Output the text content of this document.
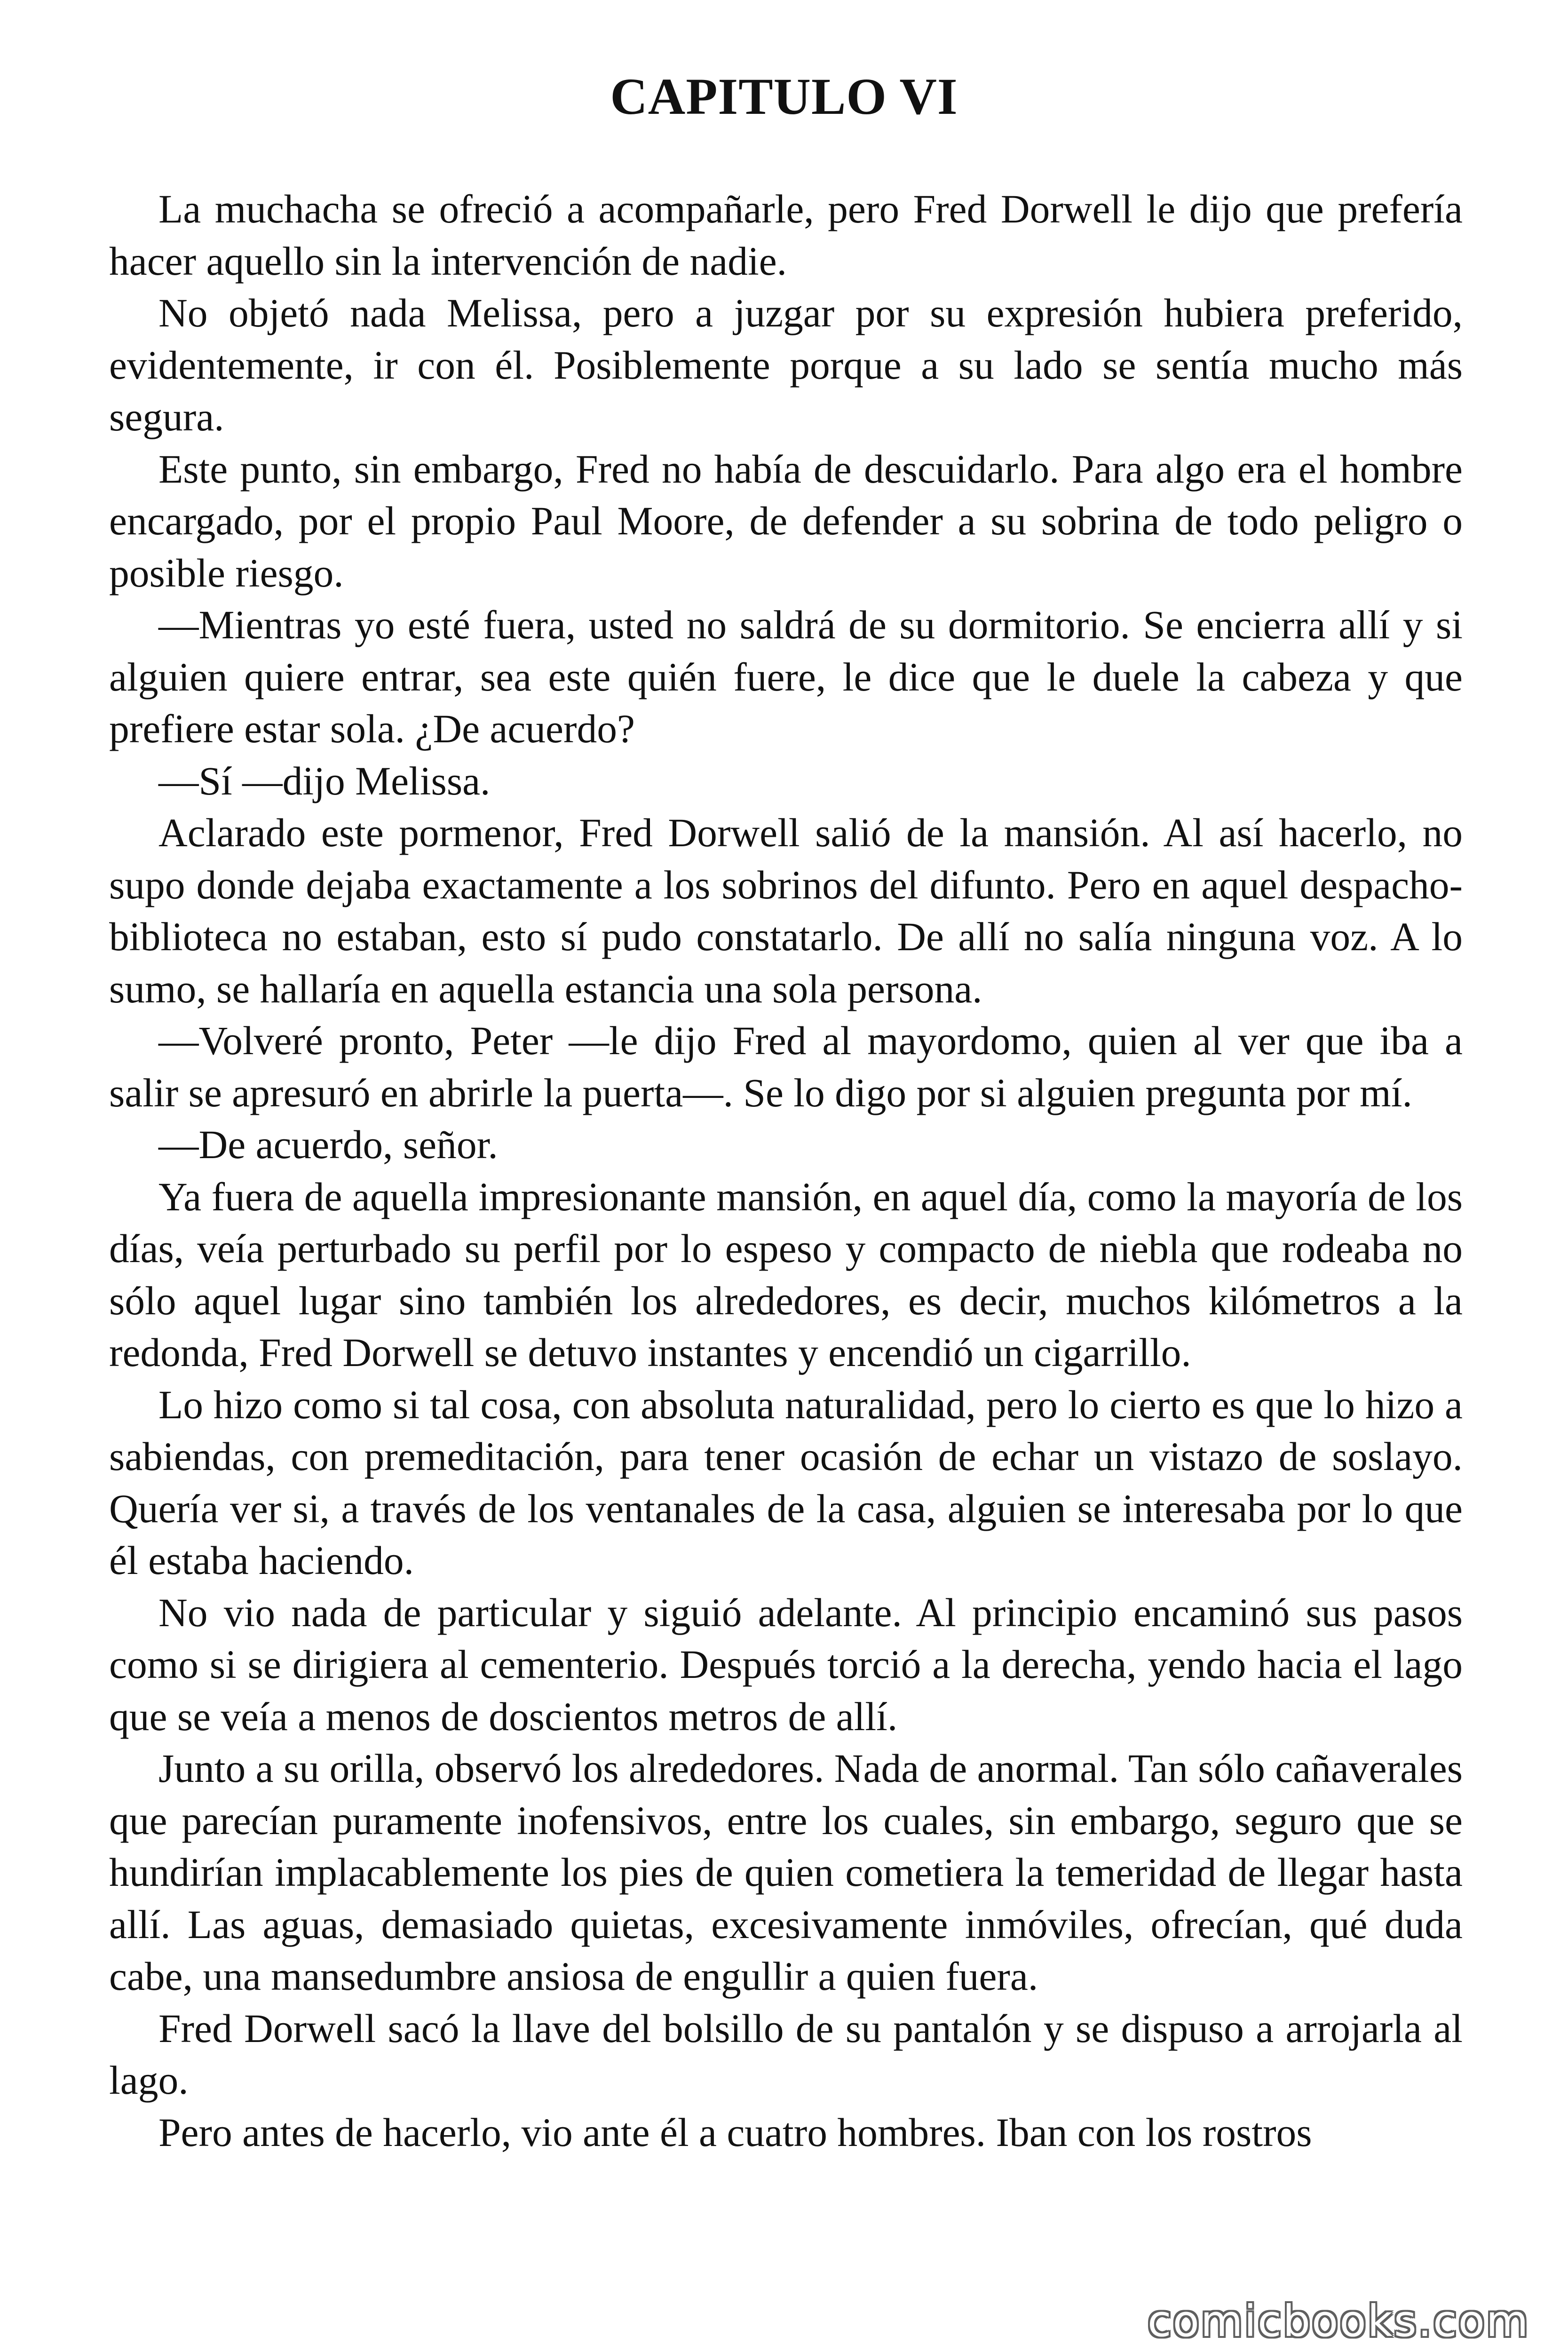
CAPITULO VI

La muchacha se ofreció a acompañarle, pero Fred Dorwell le dijo que prefería hacer aquello sin la intervención de nadie.

No objetó nada Melissa, pero a juzgar por su expresión hubiera preferido, evidentemente, ir con él. Posiblemente porque a su lado se sentía mucho más segura.

Este punto, sin embargo, Fred no había de descuidarlo. Para algo era el hombre encargado, por el propio Paul Moore, de defender a su sobrina de todo peligro o posible riesgo.

—Mientras yo esté fuera, usted no saldrá de su dormitorio. Se encierra allí y si alguien quiere entrar, sea este quién fuere, le dice que le duele la cabeza y que prefiere estar sola. ¿De acuerdo?

—Sí —dijo Melissa.

Aclarado este pormenor, Fred Dorwell salió de la mansión. Al así hacerlo, no supo donde dejaba exactamente a los sobrinos del difunto. Pero en aquel despacho-biblioteca no estaban, esto sí pudo constatarlo. De allí no salía ninguna voz. A lo sumo, se hallaría en aquella estancia una sola persona.

—Volveré pronto, Peter —le dijo Fred al mayordomo, quien al ver que iba a salir se apresuró en abrirle la puerta—. Se lo digo por si alguien pregunta por mí.

—De acuerdo, señor.

Ya fuera de aquella impresionante mansión, en aquel día, como la mayoría de los días, veía perturbado su perfil por lo espeso y compacto de niebla que rodeaba no sólo aquel lugar sino también los alrededores, es decir, muchos kilómetros a la redonda, Fred Dorwell se detuvo instantes y encendió un cigarrillo.

Lo hizo como si tal cosa, con absoluta naturalidad, pero lo cierto es que lo hizo a sabiendas, con premeditación, para tener ocasión de echar un vistazo de soslayo. Quería ver si, a través de los ventanales de la casa, alguien se interesaba por lo que él estaba haciendo.

No vio nada de particular y siguió adelante. Al principio encaminó sus pasos como si se dirigiera al cementerio. Después torció a la derecha, yendo hacia el lago que se veía a menos de doscientos metros de allí.

Junto a su orilla, observó los alrededores. Nada de anormal. Tan sólo cañaverales que parecían puramente inofensivos, entre los cuales, sin embargo, seguro que se hundirían implacablemente los pies de quien cometiera la temeridad de llegar hasta allí. Las aguas, demasiado quietas, excesivamente inmóviles, ofrecían, qué duda cabe, una mansedumbre ansiosa de engullir a quien fuera.

Fred Dorwell sacó la llave del bolsillo de su pantalón y se dispuso a arrojarla al lago.

Pero antes de hacerlo, vio ante él a cuatro hombres. Iban con los rostros

comicbooks.com
